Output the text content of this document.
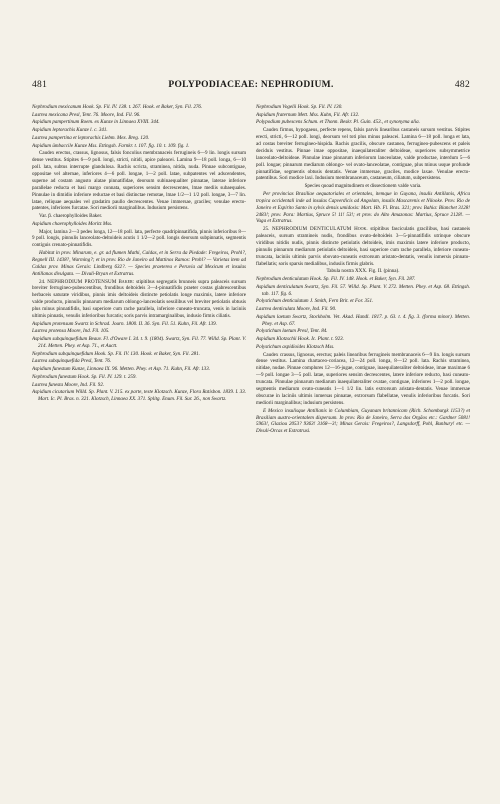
481	POLYPODIACEAE: NEPHRODIUM.	482

Nephrodium mexicanum Hook. Sp. Fil. IV. 138. t. 267. Hook. et Baker, Syn. Fil. 276.

Lastrea mexicana Presl, Tent. 76. Moore, Ind. Fil. 96.

Aspidium pampertinum Roem. ex Kunze in Linnaea XVIII. 344.

Aspidium leptorachis Kunze l. c. 341.

Lastrea pampertina et leptorachis Liebm. Mex. Breg. 120.

Aspidium ümbaccile Kunze Mss. Ettingsh. Farnkr. t. 107. fig. 10. t. 109. fig. 1.

Caudex erectus, crassus, lignosus, falsis foncolius membranaceis ferrugineis 6—9 lin. longis sursum dense vestitus. Stipites 6—9 poll. longi, stricti, nitidi, apice paleacei. Lamina 9—18 poll. longa, 6—10 poll. lata, subtus interrupte glandulosa. Rachis scricta, straminea, nitida, nuda. Pinnae subcontiguae, oppositae vel alternae, inferiores 4—6 poll. longae, 1—2 poll. latae, subpatentes vel adscendentes, superne ad costam angusto alatae pinnatifidae, deorsum subinaequaliter pinnatae, laterae inferiore parallelae reducta et basi margo connata, superiores sensim decrescentes, lmae mediis subaequales. Pinnulae in dimidio inferiore reductae et basi distinctae remotae, lmae 1/2—1 1/2 poll. longae, 3—7 lin. latae, reliquae aequales vel gradatim paullo decrescentes. Venae immersae, graciles; venulae erecto-patentes, inferiores furcatae. Sori mediorii marginalibus. Indusium persistens.

Var. β. chaerophylloides Baker.

Aspidium chaerophylloides Moritz Mss.

Major, lamina 2—3 pedes longa, 12—18 poll. lata, perfecte quadripinnatifida, pinnis inferioribus 8—9 poll. longis, pinnulis lanceolato-deltoideis acutis 1 1/2—2 poll. longis deorsum subpinnatis, segmentis contiguis crenato-pinnatifidis.

Habitat in prov. Minarum, e. gr. ad flumen Mathi, Caldas, et in Serra da Piedade: Fregeiros, Prohl?, Regnell III. 1438?, Warming?; et in prov. Rio de Janeiro ad Mattinos Ramos: Prohl? — Varietas item ad Caldas prov. Minas Gerais: Lindberg 632?. — Species praeterea e Peruvia ad Mexicum et insulas Antillanas divulgata. — Divuli-Bryan et Extratrus.

24. NEPHRODIUM PROTENSUM Baker: stipitibus segregatis brunneis supra paleaceis sursum breviter ferrugineo-pubescentibus, frondibus deltoideis 3—4-pinnatifidis praeter costas glabrescentibus herbaceis saturate viridibus, pinnis imis deltoideis distincte petiolatis longe maximis, latere inferiore valde producto, pinnulis pinnarum mediarum oblongo-lanceolatis sessilibus vel breviter petiolatis obtusis plus minus pinnatifidis, basi superiore cum rache parallela, inferiore cuneato-truncata, venis in laciniis ultimis pinnatis, venulis inferioribus furcatis; soris parvis intramarginalibus, indusio firmis ciliatis.

Aspidium protensum Swartz in Schrad. Journ. 1800. II. 36. Syn. Fil. 51. Kuhn, Fil. Afr. 139.

Lastrea protensa Moore, Ind. Fil. 105.

Aspidium subquinquefidum Beauv. Fl. d'Oware I. 34. t. 9. (1804). Swartz, Syn. Fil. 77. Willd. Sp. Plant. V. 214. Metten. Phey. et Asp. 71., et Auctt.

Nephrodium subquinquefidum Hook. Sp. Fil. IV. 130. Hook. et Baker, Syn. Fil. 281.

Lastrea subquinquefida Presl, Tent. 76.

Aspidium funestum Kunze, Linnaea IX. 96. Metten. Phey. et Asp. 71. Kuhn, Fil. Afr. 133.

Nephrodium funestum Hook. Sp. Fil. IV. 129. t. 259.

Lastrea funesta Moore, Ind. Fil. 92.

Aspidium cicutarium Willd. Sp. Plant. V. 215. ex parte, teste Klotzsch. Kunze, Flora Ratisbon. 1839. I. 33. Mart. Ic. Pl. Bras. n. 321. Klotzsch, Linnaea XX. 371. Splitg. Enum. Fil. Sur. 26., non Swartz.

Nephrodium Vogelii Hook. Sp. Fil. IV. 130.

Aspidium fraternum Mett. Mss. Kuhn, Fil. Afr. 132.

Polypodium pubescens Schum. et Thonn. Beskr. Pl. Guin. 453., et synonyma alia.

Caudex firmus, hypogaeus, perfecte repens, falsis parvis linearibus castaneis sursum vestitus. Stipites erecti, stricti, 6—12 poll. longi, deorsum vel toti plus minus paleacei. Lamina 6—18 poll. longa et lata, ad costas breviter ferrugineo-hispida. Rachis gracilis, obscure castanea, ferrugineo-pubescens et paleis deciduis vestitus. Pinnae imae oppositae, inaequilateraliter deltoideae, superiores subsymmetrice lanceolato-deltoideae. Pinnulae imae pinnarum inferiorum lanceolatae, valde productae, interdum 5—6 poll. longae; pinnarum mediarum oblongo- vel ovato-lanceolatae, contiguae, plus minus usque profunde pinnatifidae, segmentis obtusis dentatis. Venae immersae, graciles, modice laxae. Venulae erecto-patentibus. Sori modice laxi. Indusium membranaceum, castaneum, ciliatum, subpersistens.

Species quoad magnitudinem et dissectionem valde varia.

Per provincias Brasiliae aequatoriales et orientales, itemque in Guyana, insulis Antillanis, Africa tropica occidentali inde ad insulas Capverdicis ad Angolam, insulis Mascarenis et Nilooke. Prov. Rio de Janeiro et Espirito Santo in sylvis densis umidosis: Mart. Hb. Fl. Bras. 321; prov. Bahia: Blanchet 3128! 2483!; prov. Para: Martius, Spruce 5! 11! 53!; et prov. do Alto Amazonas: Martius, Spruce 2128!. — Vaga et Extratrus.

25. NEPHRODIUM DENTICULATUM Hook. stipitibus fasciculatis gracilibus, basi castaneis paleaceis, sursum stramineis nudis, frondibus ovato-deltoideis 3—5-pinnatifidis utrinque obscure viridibus nitidis nudis, pinnis distincte petiolatis deltoideis, imis maximis latere inferiore producto, pinnulis pinnarum mediarum petiolatis deltoideis, basi superiore cum rache parallela, inferiore cuneato-truncata, laciniis ultimis parvis obovato-cuneatis extrorsum aristato-dentatis, venulis inmersis pinnato-flabellatis; soris sparsis medialibus, indusiis firmis glabris.

Tabula nostra XXX. Fig. II. (pinna).

Nephrodium denticulatum Hook. Sp. Fil. IV. 148. Hook. et Baker, Syn. Fil. 287.

Aspidium denticulatum Swartz, Syn. Fil. 57. Willd. Sp. Plant. V. 272. Metten. Phey. et Asp. 68. Ettingsh. tab. 117. fig. 6.

Polystichum denticulatum J. Smith, Fern Brit. et For. 351.

Lastrea denticulata Moore, Ind. Fil. 90.

Aspidium laetum Swartz, Stockholm. Vet. Akad. Handl. 1817. p. 63. t. 4. fig. 3. (forma minor). Metten. Phey. et Asp. 67.

Polystichum laetum Presl, Tent. 84.

Aspidium Klotzschii Hook. Ic. Plant. t. 923.

Polystichum aspidioides Klotzsch Mss.

Caudex crassus, lignosus, erectus; paleis linearibus ferrugineis membranaceis 6—9 lin. longis sursum dense vestitus. Lamina chartaceo-coriacea, 12—24 poll. longa, 8—12 poll. lata. Rachis straminea, nitidae, nudae. Pinnae complures 12—16-jugae, contiguae, inaequilateraliter deltoideae, imae maximae 6—9 poll. longae 3—5 poll. latae, superiores sensim decrescentes, latere inferiore reducto, basi cuneato-truncata. Pinnulae pinnarum mediarum inaequilateraliter ovatae, contiguae, inferiores 1—2 poll. longae, segmentis mediarum ovato-cuneatis 1—1 1/2 lin. latis extrorsum aristato-dentatis. Venae immersae obscurae in laciniis ultimis inmersas pinnatae, extrorsum flabellatae, venulis inferioribus furcatis. Sori mediorii marginalibus; indusium persistens.

E Mexico insulisque Antillanis in Columbiam, Guyanam britannicam (Rich. Schomburgk 1153?) et Brasiliam austro-orientalem dispersum. In prov. Rio de Janeiro, Serra dos Orgãos etc.: Gardner 5081! 5963!, Glaziou 2053? 9363! 3168—3!; Minas Gerais: Fregeiros?, Langsdorff, Pohl, Bunbury! etc. — Divuli-Orcas et Extratrusi.
